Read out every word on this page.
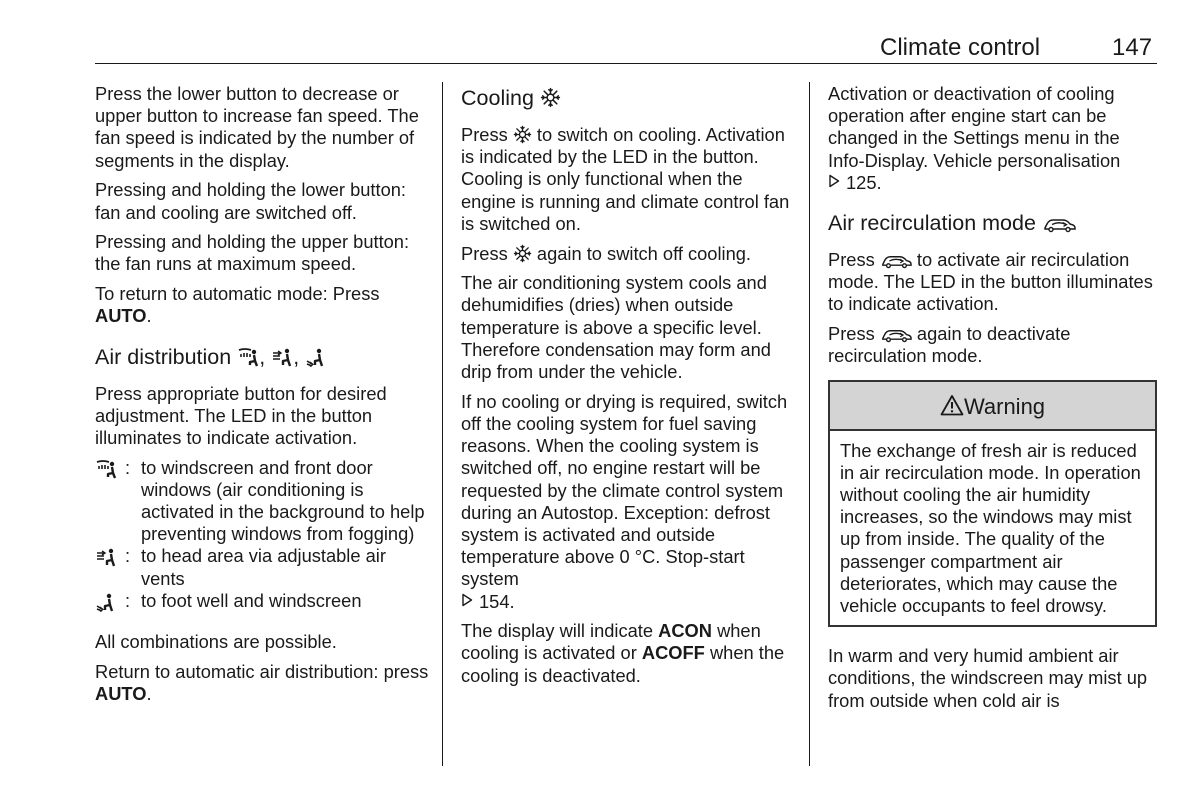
Climate control	147

Press the lower button to decrease or upper button to increase fan speed. The fan speed is indicated by the number of segments in the display.

Pressing and holding the lower button: fan and cooling are switched off.

Pressing and holding the upper button: the fan runs at maximum speed.

To return to automatic mode: Press AUTO.

Air distribution , ,

Press appropriate button for desired adjustment. The LED in the button illuminates to indicate activation.

: to windscreen and front door windows (air conditioning is activated in the background to help preventing windows from fogging)
: to head area via adjustable air vents
: to foot well and windscreen

All combinations are possible.

Return to automatic air distribution: press AUTO.

Cooling

Press to switch on cooling. Activation is indicated by the LED in the button. Cooling is only functional when the engine is running and climate control fan is switched on.

Press again to switch off cooling.

The air conditioning system cools and dehumidifies (dries) when outside temperature is above a specific level. Therefore condensation may form and drip from under the vehicle.

If no cooling or drying is required, switch off the cooling system for fuel saving reasons. When the cooling system is switched off, no engine restart will be requested by the climate control system during an Autostop. Exception: defrost system is activated and outside temperature above 0 °C. Stop-start system

154.

The display will indicate ACON when cooling is activated or ACOFF when the cooling is deactivated.

Activation or deactivation of cooling operation after engine start can be changed in the Settings menu in the Info-Display. Vehicle personalisation

125.

Air recirculation mode

Press to activate air recirculation mode. The LED in the button illuminates to indicate activation.

Press again to deactivate recirculation mode.

Warning
The exchange of fresh air is reduced in air recirculation mode. In operation without cooling the air humidity increases, so the windows may mist up from inside. The quality of the passenger compartment air deteriorates, which may cause the vehicle occupants to feel drowsy.

In warm and very humid ambient air conditions, the windscreen may mist up from outside when cold air is
